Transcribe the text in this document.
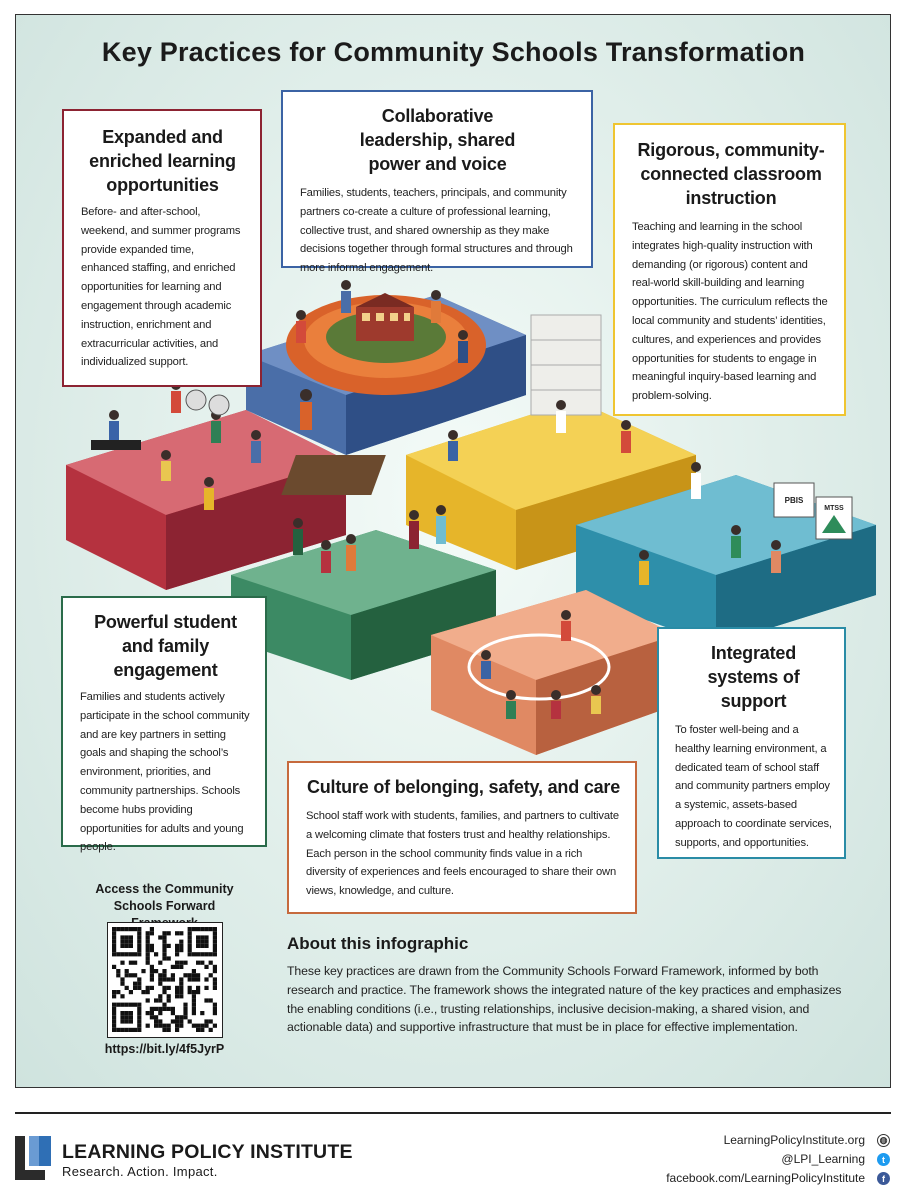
PBIS
MTSS
Key Practices for Community Schools Transformation
Expanded and enriched learning opportunities

Before- and after-school, weekend, and summer programs provide expanded time, enhanced staffing, and enriched opportunities for learning and engagement through academic instruction, enrichment and extracurricular activities, and individualized support.

Collaborative leadership, shared power and voice

Families, students, teachers, principals, and community partners co-create a culture of professional learning, collective trust, and shared ownership as they make decisions together through formal structures and through more informal engagement.

Rigorous, community-connected classroom instruction

Teaching and learning in the school integrates high-quality instruction with demanding (or rigorous) content and real-world skill-building and learning opportunities. The curriculum reflects the local community and students’ identities, cultures, and experiences and provides opportunities for students to engage in meaningful inquiry-based learning and problem-solving.

Powerful student and family engagement

Families and students actively participate in the school community and are key partners in setting goals and shaping the school’s environment, priorities, and community partnerships. Schools become hubs providing opportunities for adults and young people.

Culture of belonging, safety, and care

School staff work with students, families, and partners to cultivate a welcoming climate that fosters trust and healthy relationships. Each person in the school community finds value in a rich diversity of experiences and feels encouraged to share their own views, knowledge, and culture.

Integrated systems of support

To foster well-being and a healthy learning environment, a dedicated team of school staff and community partners employ a systemic, assets-based approach to coordinate services, supports, and opportunities.

Access the Community Schools Forward
https://bit.ly/4f5JyrP
About this infographic
These key practices are drawn from the Community Schools Forward Framework, informed by both research and practice. The framework shows the integrated nature of the key practices and emphasizes the enabling conditions (i.e., trusting relationships, inclusive decision-making, a shared vision, and actionable data) and supportive infrastructure that must be in place for effective implementation.
LEARNING POLICY INSTITUTE
Research. Action. Impact.
LearningPolicyInstitute.org ◍
@LPI_Learning	t
facebook.com/LearningPolicyInstitute	f
